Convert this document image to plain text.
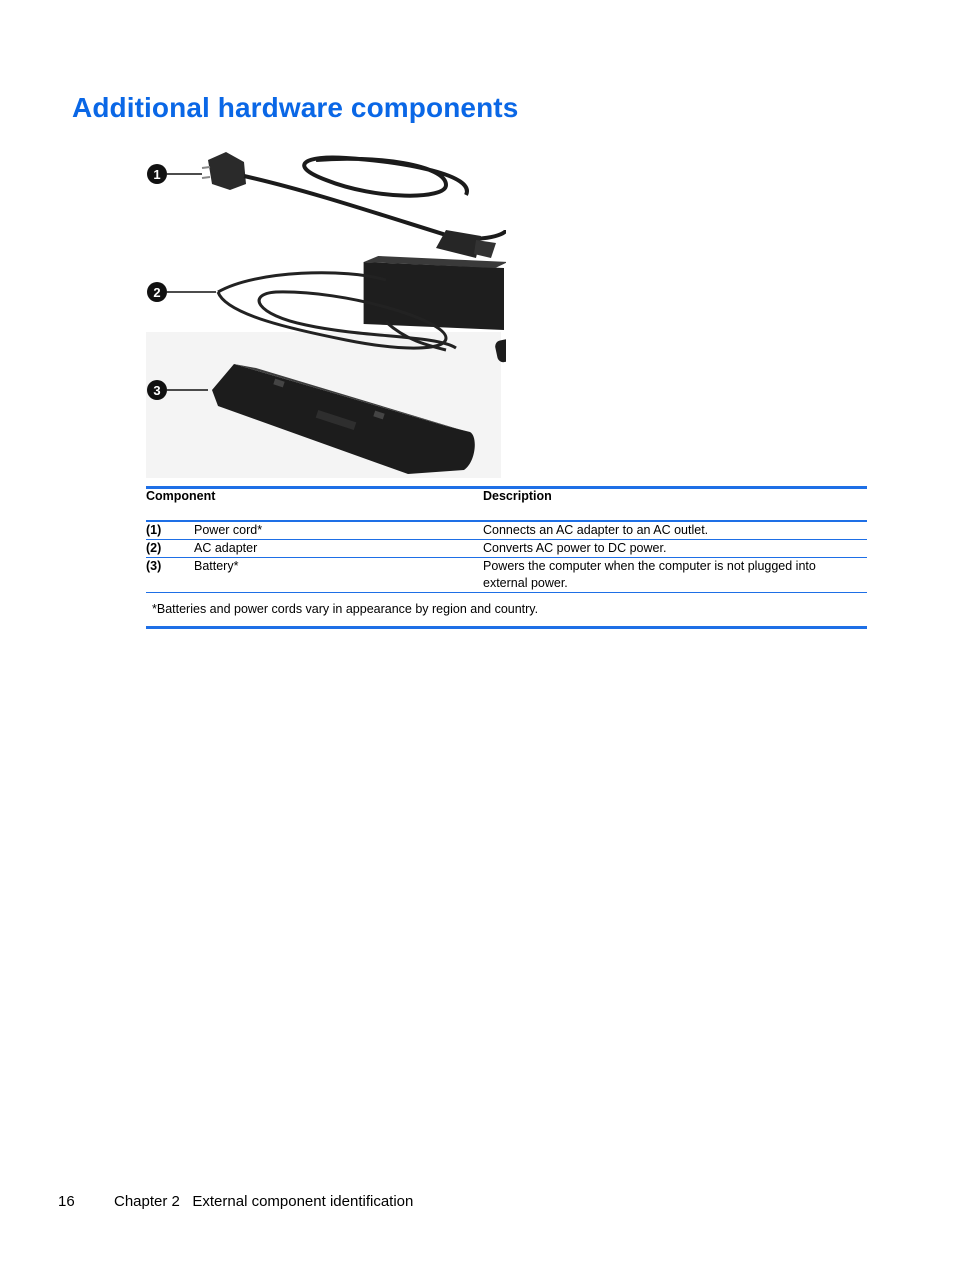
Additional hardware components
1
2
3
Component		Description
(1)	Power cord*	Connects an AC adapter to an AC outlet.
(2)	AC adapter	Converts AC power to DC power.
(3)	Battery*	Powers the computer when the computer is not plugged into external power.
*Batteries and power cords vary in appearance by region and country.		
16	Chapter 2   External component identification
